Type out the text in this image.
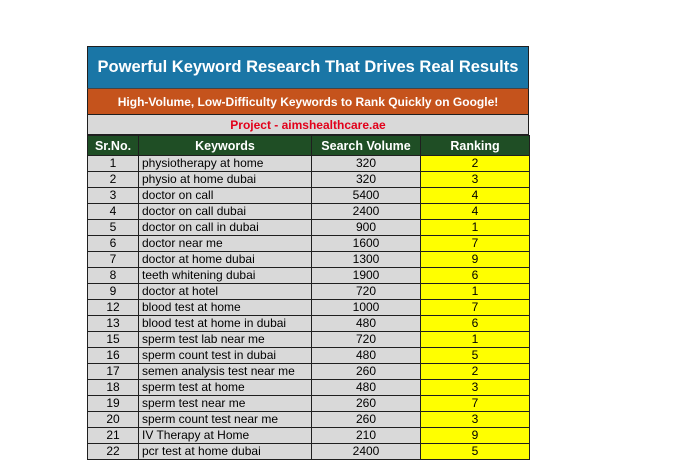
Powerful Keyword Research That Drives Real Results
High-Volume, Low-Difficulty Keywords to Rank Quickly on Google!
Project - aimshealthcare.ae
Sr.No.	Keywords	Search Volume	Ranking
1	physiotherapy at home	320	2
2	physio at home dubai	320	3
3	doctor on call	5400	4
4	doctor on call dubai	2400	4
5	doctor on call in dubai	900	1
6	doctor near me	1600	7
7	doctor at home dubai	1300	9
8	teeth whitening dubai	1900	6
9	doctor at hotel	720	1
12	blood test at home	1000	7
13	blood test at home in dubai	480	6
15	sperm test lab near me	720	1
16	sperm count test in dubai	480	5
17	semen analysis test near me	260	2
18	sperm test at home	480	3
19	sperm test near me	260	7
20	sperm count test near me	260	3
21	IV Therapy at Home	210	9
22	pcr test at home dubai	2400	5
